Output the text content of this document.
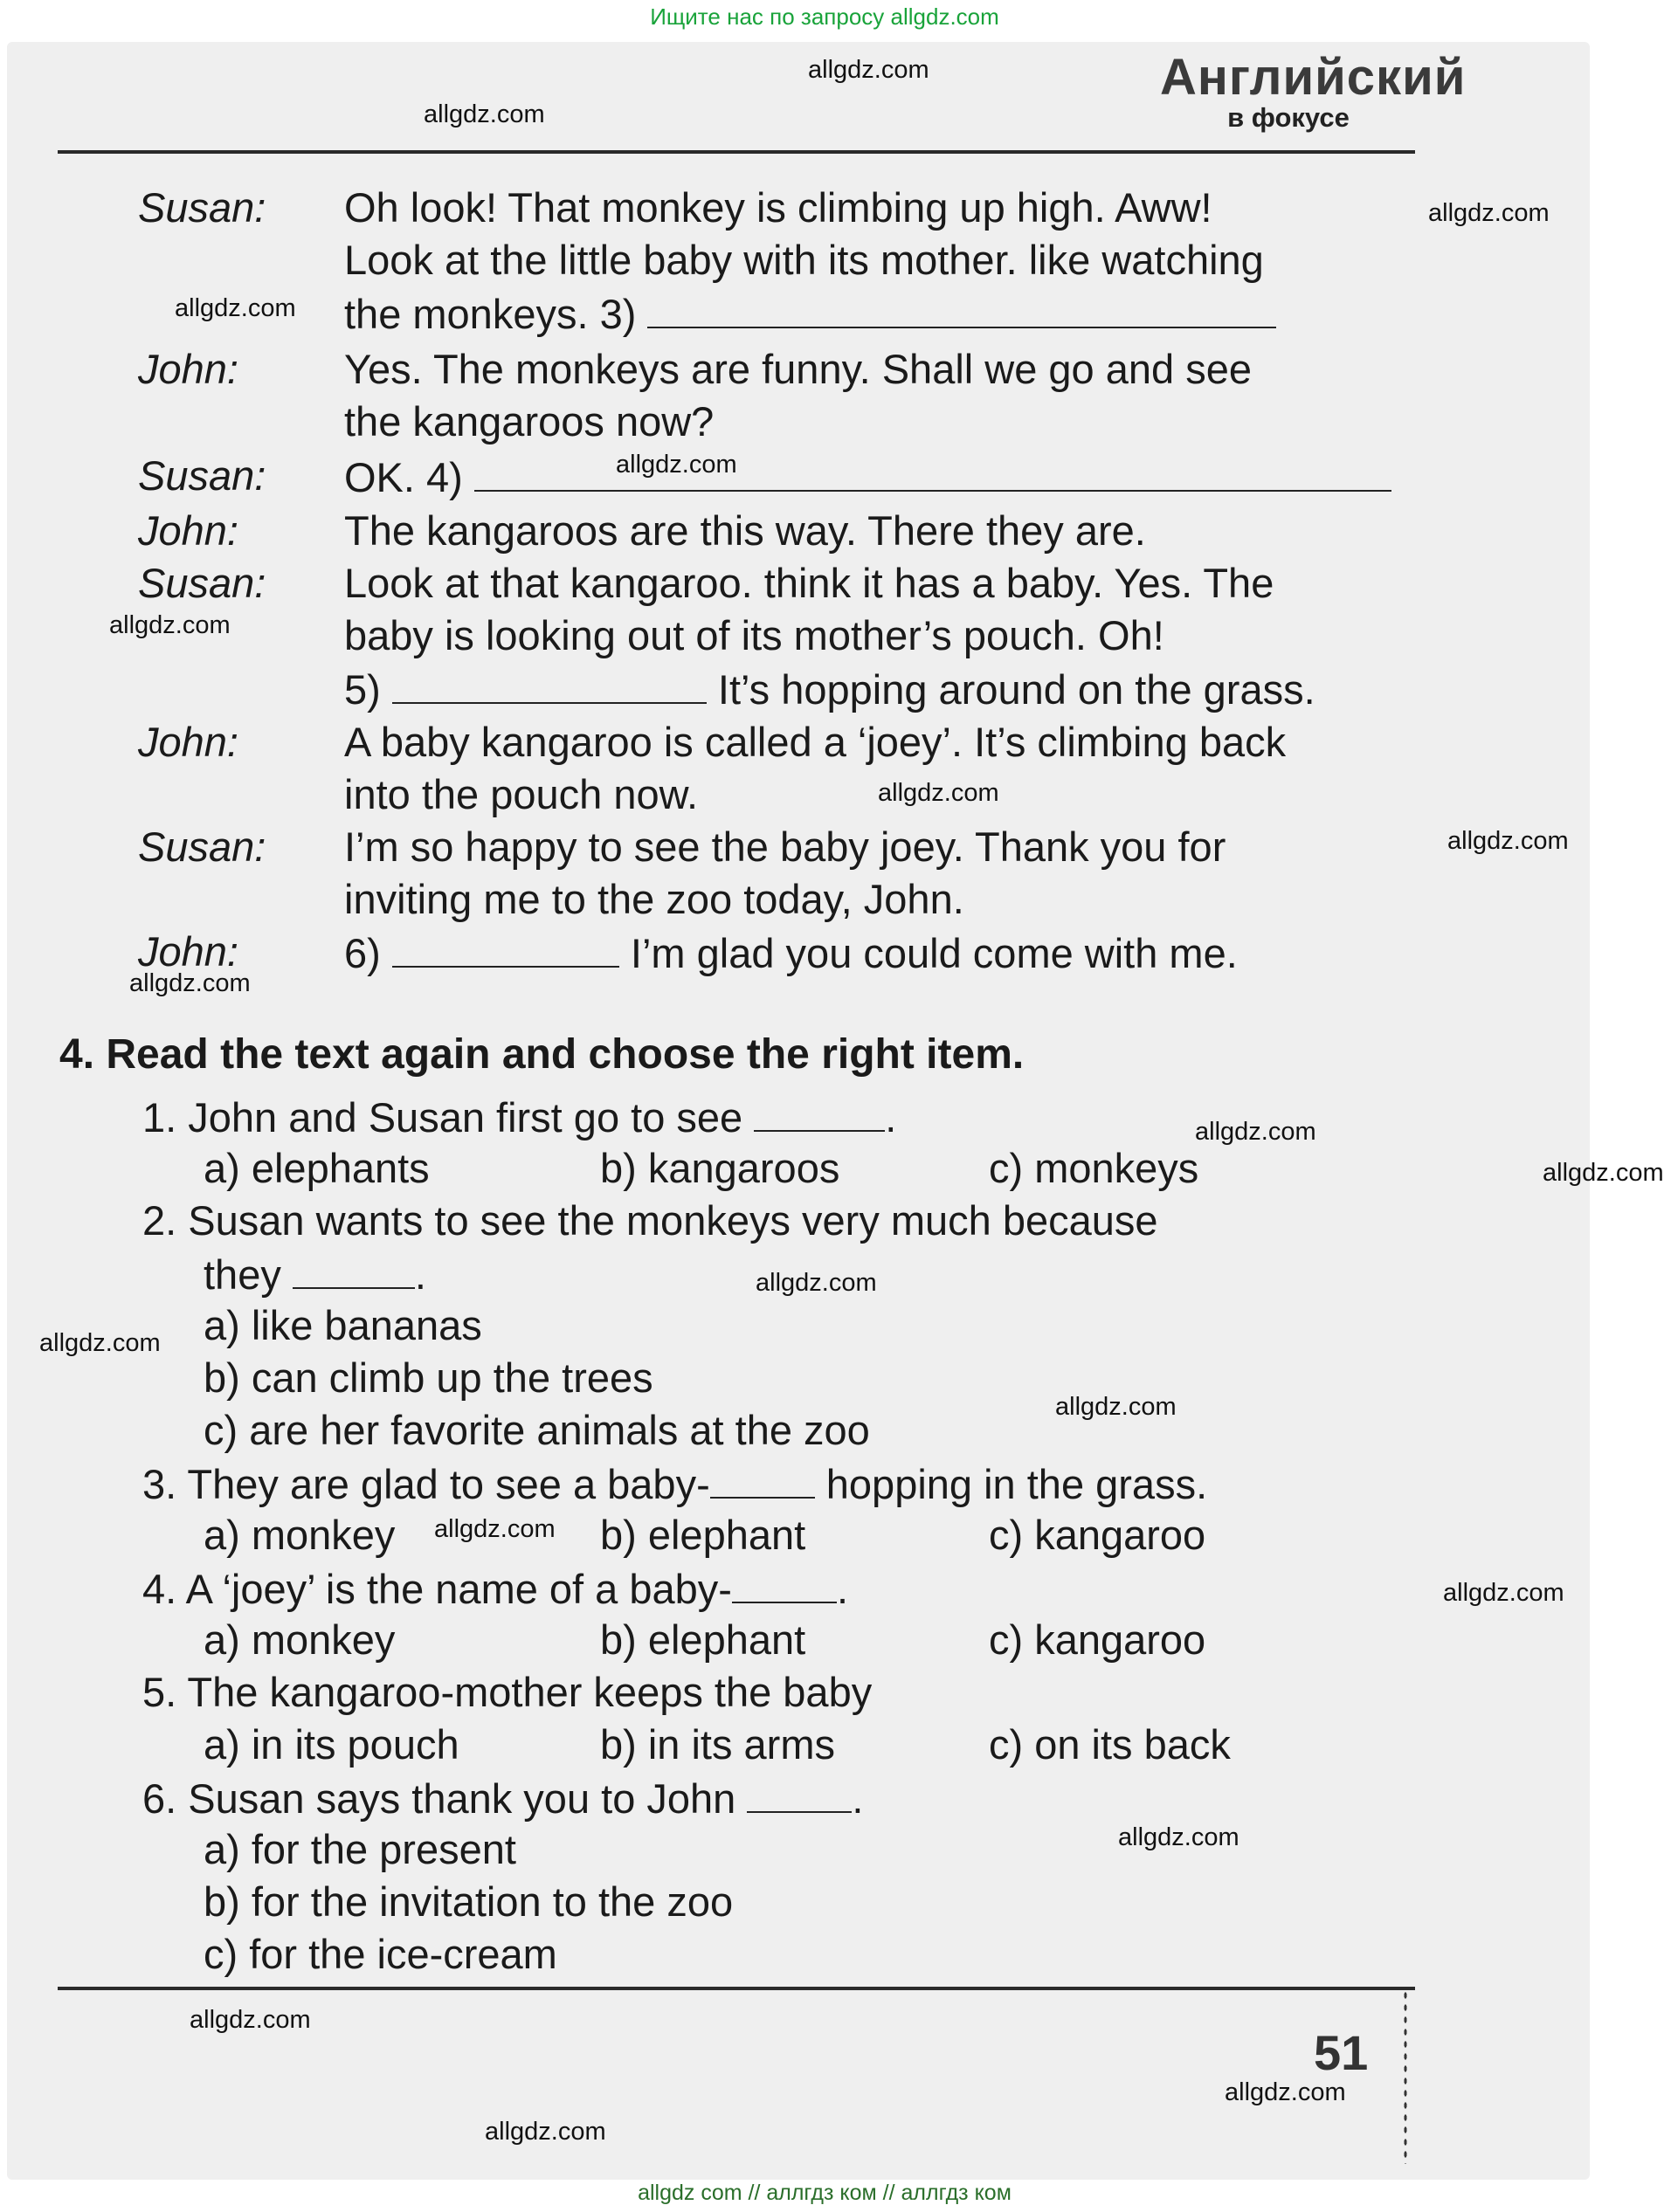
Ищите нас по запросу allgdz.com
Английский
в фокусе
Susan: Oh look! That monkey is climbing up high. Aww!
Look at the little baby with its mother. like watching
the monkeys. 3)
John:	Yes. The monkeys are funny. Shall we go and see
the kangaroos now?
Susan: OK. 4)
John:	The kangaroos are this way. There they are.
Susan: Look at that kangaroo. think it has a baby. Yes. The
baby is looking out of its mother’s pouch. Oh!
5)	It’s hopping around on the grass.
John:	A baby kangaroo is called a ‘joey’. It’s climbing back
into the pouch now.
Susan: I’m so happy to see the baby joey. Thank you for
inviting me to the zoo today, John.
John:	6)	I’m glad you could come with me.
4. Read the text again and choose the right item.
1. John and Susan first go to see	.
a) elephants	b) kangaroos	c) monkeys
2. Susan wants to see the monkeys very much because
they	.
a) like bananas
b) can climb up the trees
c) are her favorite animals at the zoo
3. They are glad to see a baby-	hopping in the grass.
a) monkey	b) elephant	c) kangaroo
4. A ‘joey’ is the name of a baby-	.
a) monkey	b) elephant	c) kangaroo
5. The kangaroo-mother keeps the baby
a) in its pouch	b) in its arms	c) on its back
6. Susan says thank you to John	.
a) for the present
b) for the invitation to the zoo
c) for the ice-cream
51
allgdz.com
allgdz.com
allgdz.com
allgdz.com
allgdz.com
allgdz.com
allgdz.com
allgdz.com
allgdz.com
allgdz.com
allgdz.com
allgdz.com
allgdz.com
allgdz.com
allgdz.com
allgdz.com
allgdz.com
allgdz.com
allgdz.com
allgdz.com
allgdz com // аллгдз ком // аллгдз ком
